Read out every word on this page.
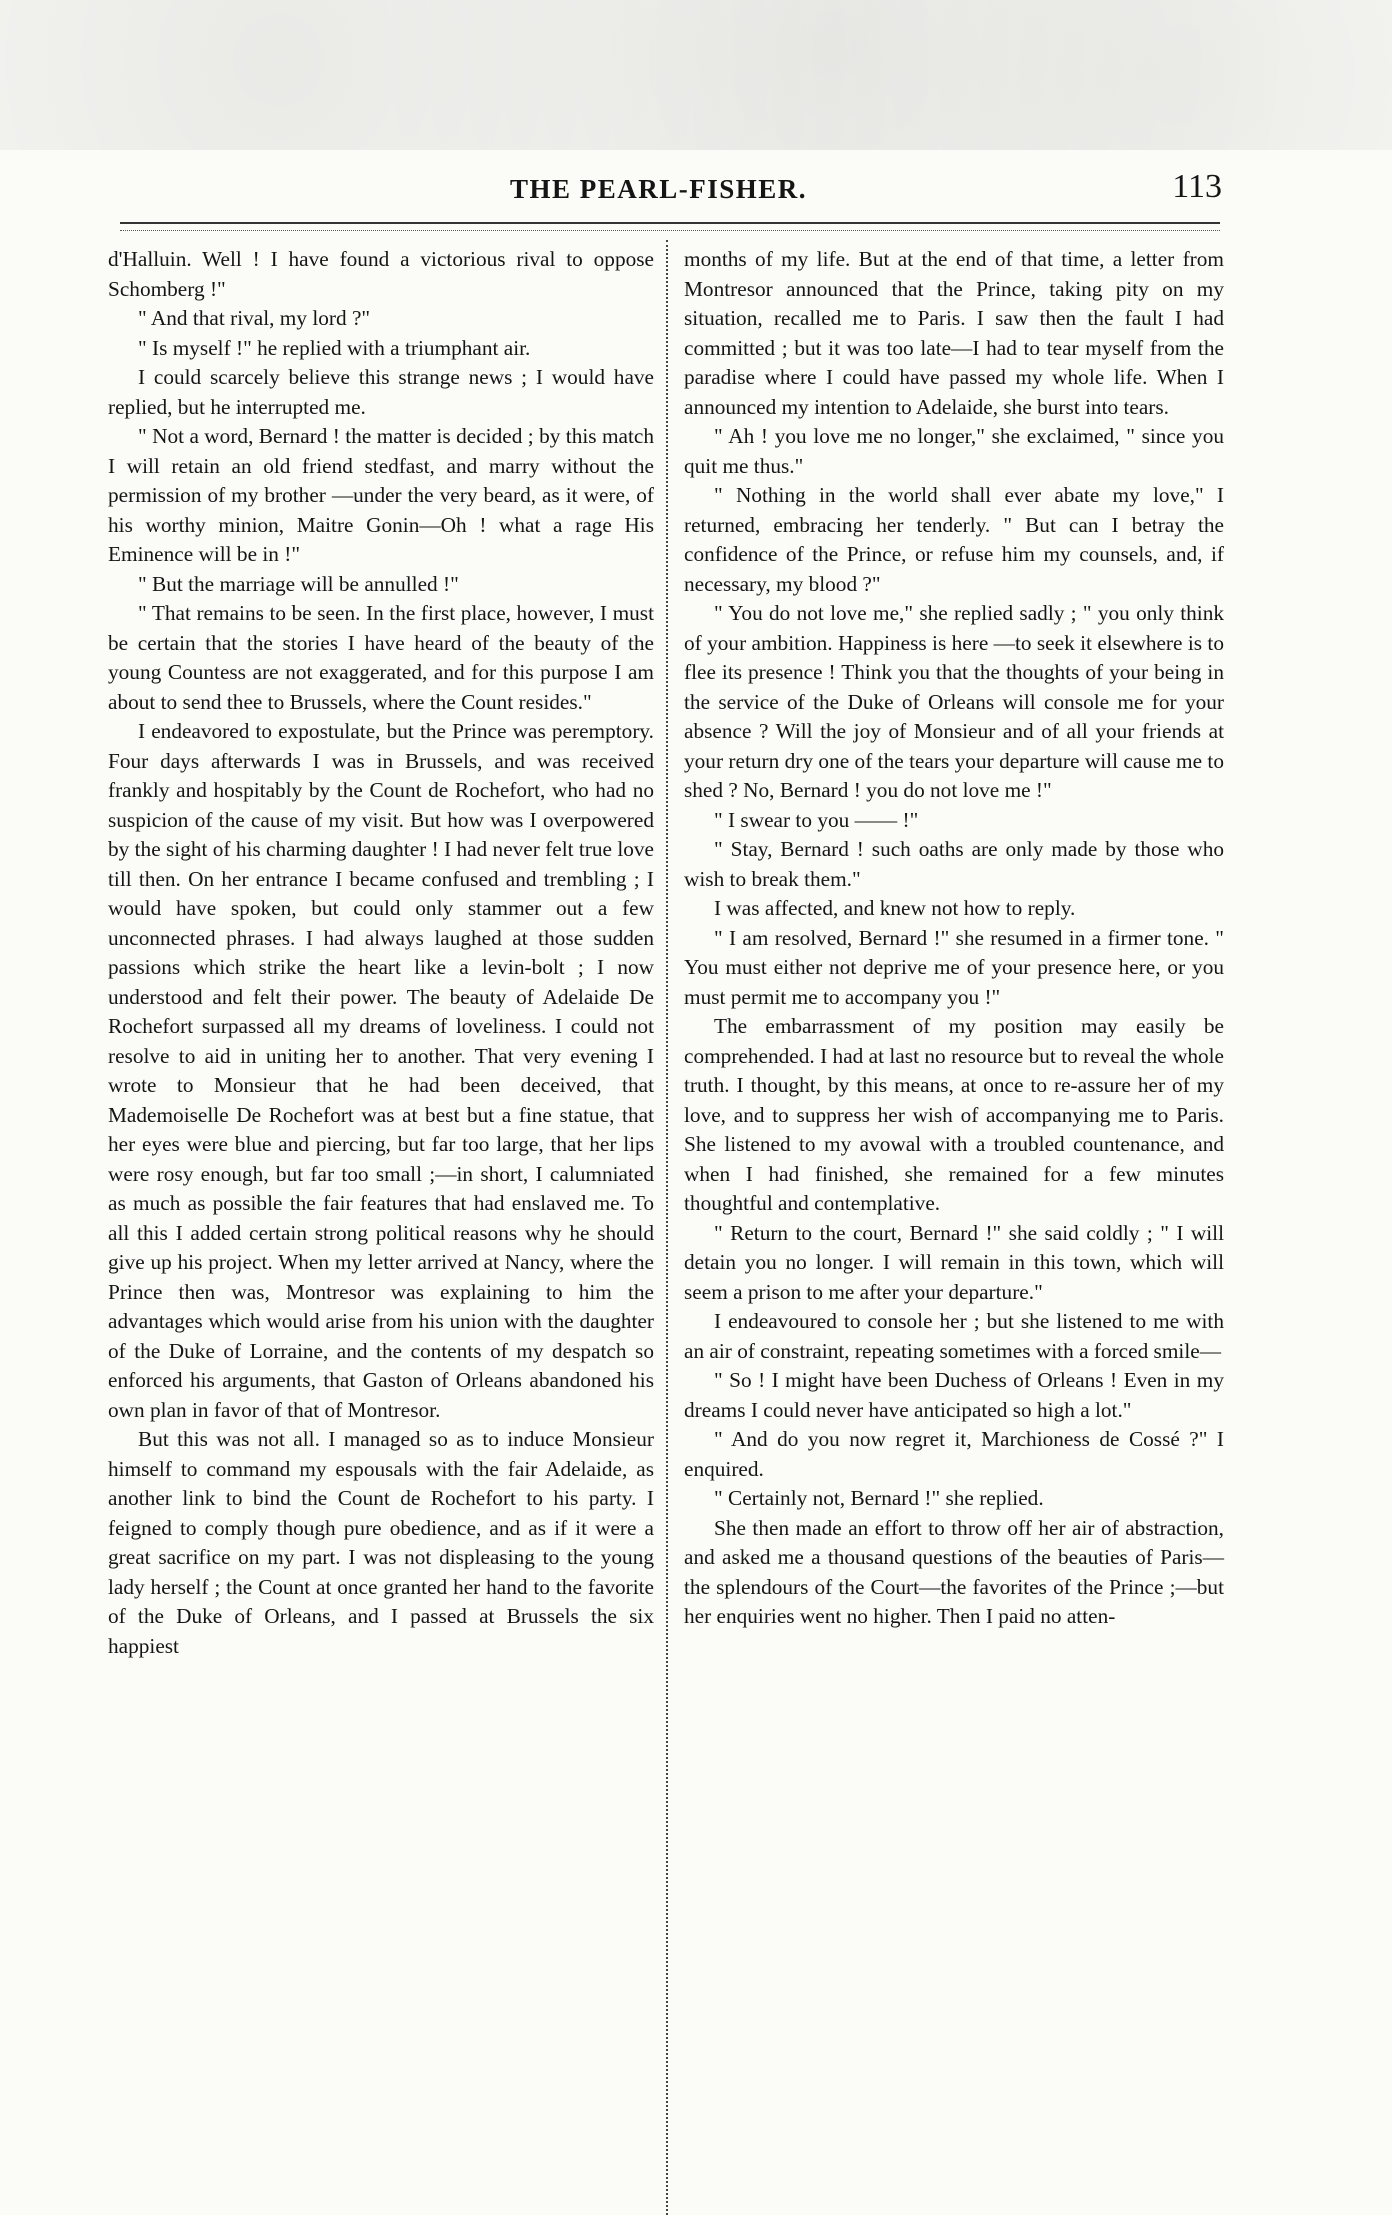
THE PEARL-FISHER.	113

d'Halluin. Well ! I have found a victorious rival to oppose Schomberg !"

" And that rival, my lord ?"

" Is myself !" he replied with a triumphant air.

I could scarcely believe this strange news ; I would have replied, but he interrupted me.

" Not a word, Bernard ! the matter is decided ; by this match I will retain an old friend stedfast, and marry without the permission of my brother —under the very beard, as it were, of his worthy minion, Maitre Gonin—Oh ! what a rage His Eminence will be in !"

" But the marriage will be annulled !"

" That remains to be seen. In the first place, however, I must be certain that the stories I have heard of the beauty of the young Countess are not exaggerated, and for this purpose I am about to send thee to Brussels, where the Count resides."

I endeavored to expostulate, but the Prince was peremptory. Four days afterwards I was in Brussels, and was received frankly and hospitably by the Count de Rochefort, who had no suspicion of the cause of my visit. But how was I overpowered by the sight of his charming daughter ! I had never felt true love till then. On her entrance I became confused and trembling ; I would have spoken, but could only stammer out a few unconnected phrases. I had always laughed at those sudden passions which strike the heart like a levin-bolt ; I now understood and felt their power. The beauty of Adelaide De Rochefort surpassed all my dreams of loveliness. I could not resolve to aid in uniting her to another. That very evening I wrote to Monsieur that he had been deceived, that Mademoiselle De Rochefort was at best but a fine statue, that her eyes were blue and piercing, but far too large, that her lips were rosy enough, but far too small ;—in short, I calumniated as much as possible the fair features that had enslaved me. To all this I added certain strong political reasons why he should give up his project. When my letter arrived at Nancy, where the Prince then was, Montresor was explaining to him the advantages which would arise from his union with the daughter of the Duke of Lorraine, and the contents of my despatch so enforced his arguments, that Gaston of Orleans abandoned his own plan in favor of that of Montresor.

But this was not all. I managed so as to induce Monsieur himself to command my espousals with the fair Adelaide, as another link to bind the Count de Rochefort to his party. I feigned to comply though pure obedience, and as if it were a great sacrifice on my part. I was not displeasing to the young lady herself ; the Count at once granted her hand to the favorite of the Duke of Orleans, and I passed at Brussels the six happiest

months of my life. But at the end of that time, a letter from Montresor announced that the Prince, taking pity on my situation, recalled me to Paris. I saw then the fault I had committed ; but it was too late—I had to tear myself from the paradise where I could have passed my whole life. When I announced my intention to Adelaide, she burst into tears.

" Ah ! you love me no longer," she exclaimed, " since you quit me thus."

" Nothing in the world shall ever abate my love," I returned, embracing her tenderly. " But can I betray the confidence of the Prince, or refuse him my counsels, and, if necessary, my blood ?"

" You do not love me," she replied sadly ; " you only think of your ambition. Happiness is here —to seek it elsewhere is to flee its presence ! Think you that the thoughts of your being in the service of the Duke of Orleans will console me for your absence ? Will the joy of Monsieur and of all your friends at your return dry one of the tears your departure will cause me to shed ? No, Bernard ! you do not love me !"

" I swear to you —— !"

" Stay, Bernard ! such oaths are only made by those who wish to break them."

I was affected, and knew not how to reply.

" I am resolved, Bernard !" she resumed in a firmer tone. " You must either not deprive me of your presence here, or you must permit me to accompany you !"

The embarrassment of my position may easily be comprehended. I had at last no resource but to reveal the whole truth. I thought, by this means, at once to re-assure her of my love, and to suppress her wish of accompanying me to Paris. She listened to my avowal with a troubled countenance, and when I had finished, she remained for a few minutes thoughtful and contemplative.

" Return to the court, Bernard !" she said coldly ; " I will detain you no longer. I will remain in this town, which will seem a prison to me after your departure."

I endeavoured to console her ; but she listened to me with an air of constraint, repeating sometimes with a forced smile—

" So ! I might have been Duchess of Orleans ! Even in my dreams I could never have anticipated so high a lot."

" And do you now regret it, Marchioness de Cossé ?" I enquired.

" Certainly not, Bernard !" she replied.

She then made an effort to throw off her air of abstraction, and asked me a thousand questions of the beauties of Paris—the splendours of the Court—the favorites of the Prince ;—but her enquiries went no higher. Then I paid no atten-
